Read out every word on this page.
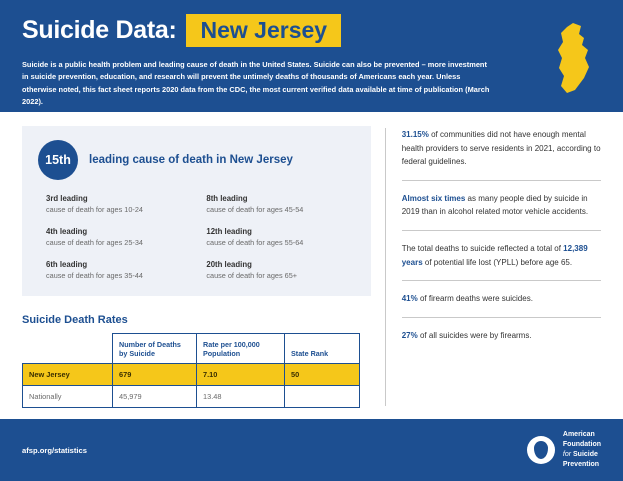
Suicide Data:	New Jersey
Suicide is a public health problem and leading cause of death in the United States. Suicide can also be prevented – more investment in suicide prevention, education, and research will prevent the untimely deaths of thousands of Americans each year. Unless otherwise noted, this fact sheet reports 2020 data from the CDC, the most current verified data available at time of publication (March 2022).
15th	leading cause of death in New Jersey
3rd leading
cause of death for ages 10-24
8th leading
cause of death for ages 45-54
4th leading
cause of death for ages 25-34
12th leading
cause of death for ages 55-64
6th leading
cause of death for ages 35-44
20th leading
cause of death for ages 65+
Suicide Death Rates
	Number of Deaths by Suicide	Rate per 100,000 Population	State Rank
New Jersey	679	7.10	50
Nationally	45,979	13.48	
31.15% of communities did not have enough mental health providers to serve residents in 2021, according to federal guidelines.
Almost six times as many people died by suicide in 2019 than in alcohol related motor vehicle accidents.
The total deaths to suicide reflected a total of 12,389 years of potential life lost (YPLL) before age 65.
41% of firearm deaths were suicides.
27% of all suicides were by firearms.
afsp.org/statistics
American
Foundation
for Suicide
Prevention
